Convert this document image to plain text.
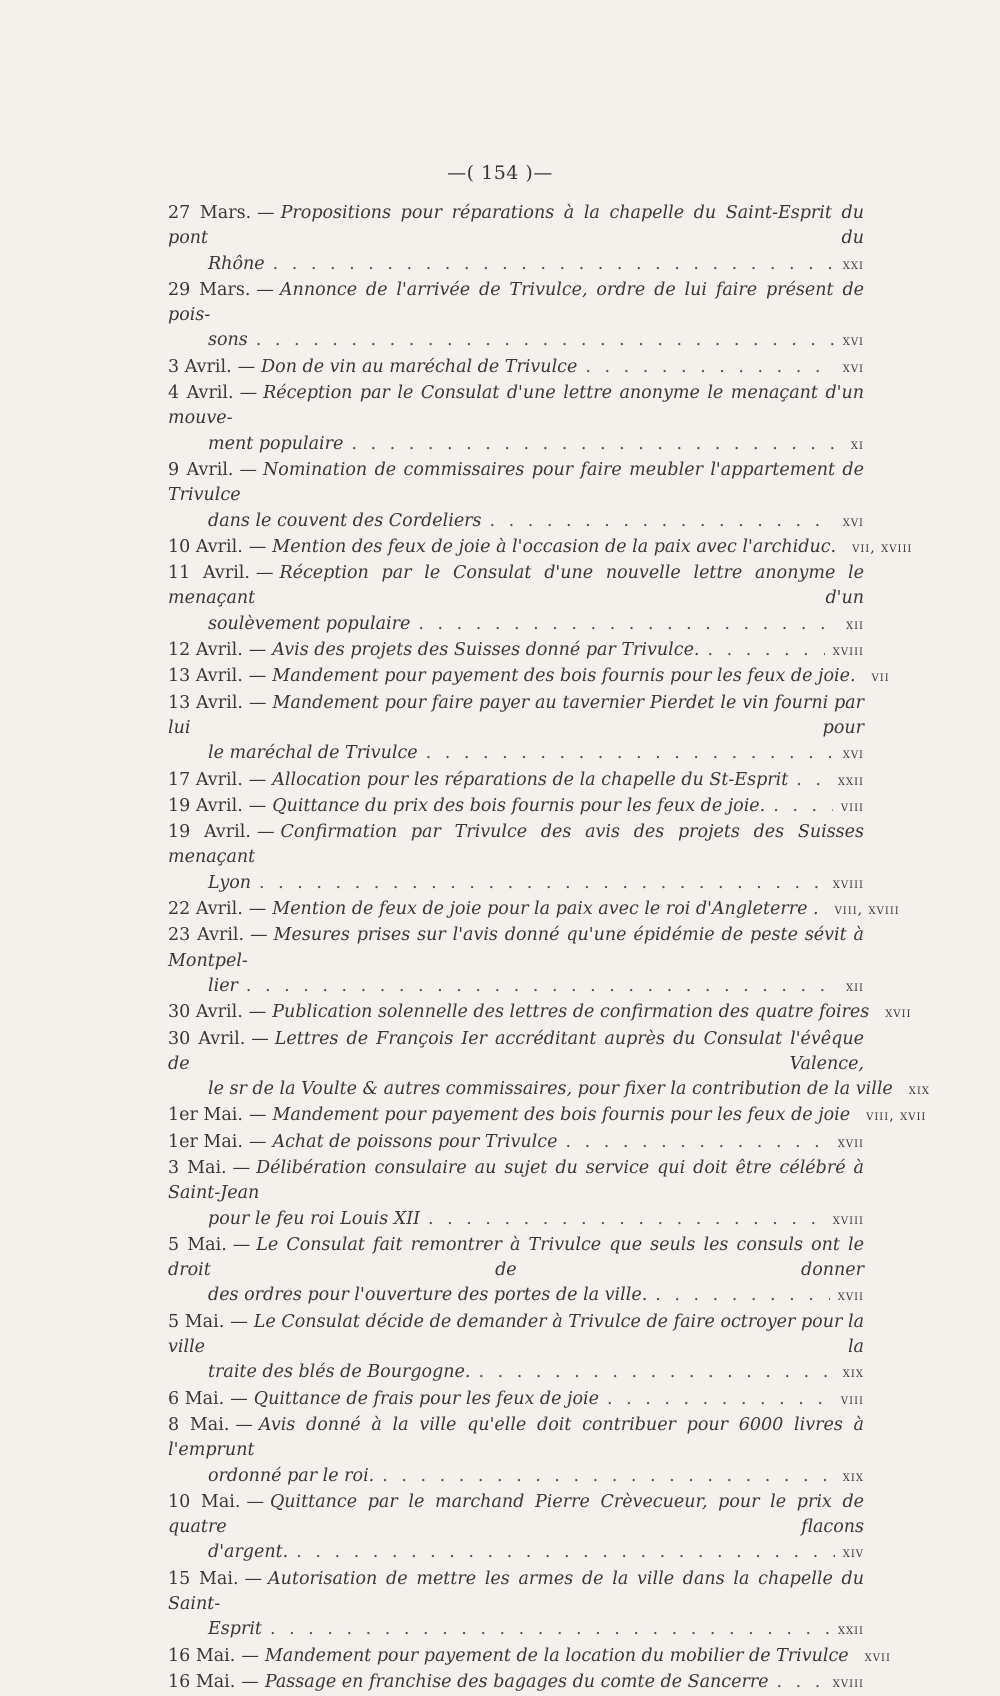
—( 154 )—
27 Mars. — Propositions pour réparations à la chapelle du Saint-Esprit du pont du
Rhône . . .	xxi
29 Mars. — Annonce de l'arrivée de Trivulce, ordre de lui faire présent de pois-
sons . . .	xvi
3 Avril. — Don de vin au maréchal de Trivulce . . .	xvi
4 Avril. — Réception par le Consulat d'une lettre anonyme le menaçant d'un mouve-
ment populaire . . .	xi
9 Avril. — Nomination de commissaires pour faire meubler l'appartement de Trivulce
dans le couvent des Cordeliers . . .	xvi
10 Avril. — Mention des feux de joie à l'occasion de la paix avec l'archiduc. vii, xviii
11 Avril. — Réception par le Consulat d'une nouvelle lettre anonyme le menaçant d'un
soulèvement populaire . . .	xii
12 Avril. — Avis des projets des Suisses donné par Trivulce. . . .	xviii
13 Avril. — Mandement pour payement des bois fournis pour les feux de joie. vii
13 Avril. — Mandement pour faire payer au tavernier Pierdet le vin fourni par lui pour
le maréchal de Trivulce . . .	xvi
17 Avril. — Allocation pour les réparations de la chapelle du St-Esprit . . .	xxii
19 Avril. — Quittance du prix des bois fournis pour les feux de joie. . . .	viii
19 Avril. — Confirmation par Trivulce des avis des projets des Suisses menaçant
Lyon . . .	xviii
22 Avril. — Mention de feux de joie pour la paix avec le roi d'Angleterre . viii, xviii
23 Avril. — Mesures prises sur l'avis donné qu'une épidémie de peste sévit à Montpel-
lier . . .	xii
30 Avril. — Publication solennelle des lettres de confirmation des quatre foires xvii
30 Avril. — Lettres de François Ier accréditant auprès du Consulat l'évêque de Valence,
le sr de la Voulte & autres commissaires, pour fixer la contribution de la ville xix
1er Mai. — Mandement pour payement des bois fournis pour les feux de joie viii, xvii
1er Mai. — Achat de poissons pour Trivulce . . .	xvii
3 Mai. — Délibération consulaire au sujet du service qui doit être célébré à Saint-Jean
pour le feu roi Louis XII . . .	xviii
5 Mai. — Le Consulat fait remontrer à Trivulce que seuls les consuls ont le droit de donner
des ordres pour l'ouverture des portes de la ville. . . .	xvii
5 Mai. — Le Consulat décide de demander à Trivulce de faire octroyer pour la ville la
traite des blés de Bourgogne. . . .	xix
6 Mai. — Quittance de frais pour les feux de joie . . .	viii
8 Mai. — Avis donné à la ville qu'elle doit contribuer pour 6000 livres à l'emprunt
ordonné par le roi. . . .	xix
10 Mai. — Quittance par le marchand Pierre Crèvecueur, pour le prix de quatre flacons
d'argent. . . .	xiv
15 Mai. — Autorisation de mettre les armes de la ville dans la chapelle du Saint-
Esprit . . .	xxii
16 Mai. — Mandement pour payement de la location du mobilier de Trivulce xvii
16 Mai. — Passage en franchise des bagages du comte de Sancerre . . .	xviii
